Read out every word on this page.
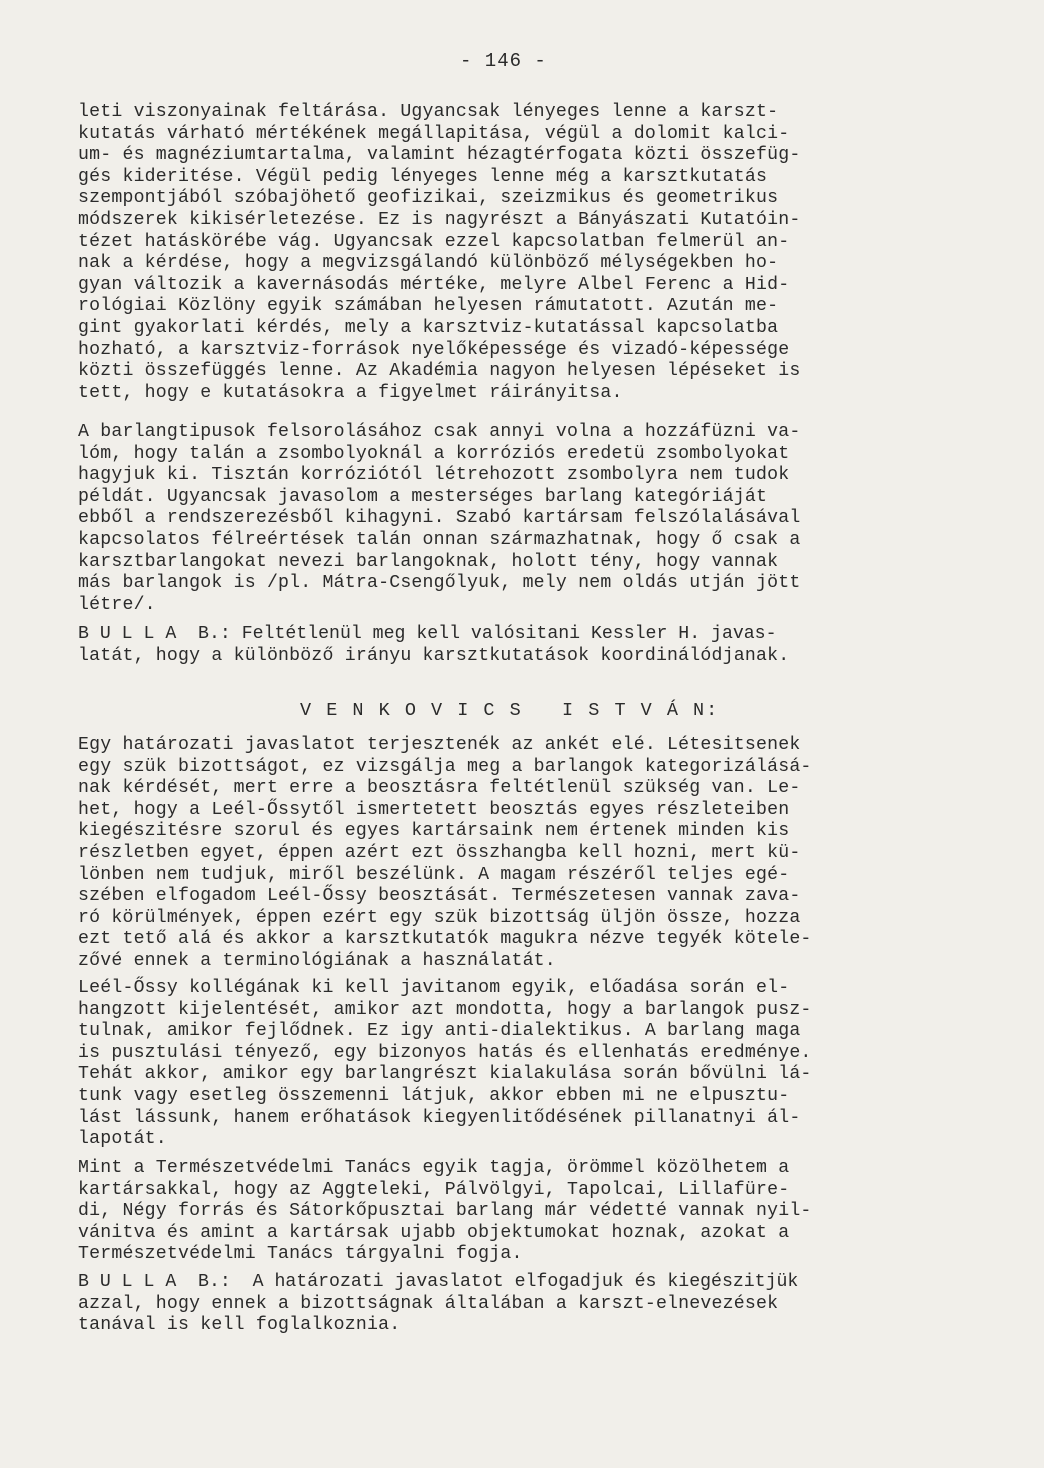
- 146 -
leti viszonyainak feltárása. Ugyancsak lényeges lenne a karszt-
kutatás várható mértékének megállapitása, végül a dolomit kalci-
um- és magnéziumtartalma, valamint hézagtérfogata közti összefüg-
gés kideritése. Végül pedig lényeges lenne még a karsztkutatás
szempontjából szóbajöhető geofizikai, szeizmikus és geometrikus
módszerek kikisérletezése. Ez is nagyrészt a Bányászati Kutatóin-
tézet hatáskörébe vág. Ugyancsak ezzel kapcsolatban felmerül an-
nak a kérdése, hogy a megvizsgálandó különböző mélységekben ho-
gyan változik a kavernásodás mértéke, melyre Albel Ferenc a Hid-
rológiai Közlöny egyik számában helyesen rámutatott. Azután me-
gint gyakorlati kérdés, mely a karsztviz-kutatással kapcsolatba
hozható, a karsztviz-források nyelőképessége és vizadó-képessége
közti összefüggés lenne. Az Akadémia nagyon helyesen lépéseket is
tett, hogy e kutatásokra a figyelmet ráirányitsa.
A barlangtipusok felsorolásához csak annyi volna a hozzáfüzni va-
lóm, hogy talán a zsombolyoknál a korróziós eredetü zsombolyokat
hagyjuk ki. Tisztán korróziótól létrehozott zsombolyra nem tudok
példát. Ugyancsak javasolom a mesterséges barlang kategóriáját
ebből a rendszerezésből kihagyni. Szabó kartársam felszólalásával
kapcsolatos félreértések talán onnan származhatnak, hogy ő csak a
karsztbarlangokat nevezi barlangoknak, holott tény, hogy vannak
más barlangok is /pl. Mátra-Csengőlyuk, mely nem oldás utján jött
létre/.
B U L L A  B.: Feltétlenül meg kell valósitani Kessler H. javas-
latát, hogy a különböző irányu karsztkutatások koordinálódjanak.
V E N K O V I C S   I S T V Á N:
Egy határozati javaslatot terjesztenék az ankét elé. Létesitsenek
egy szük bizottságot, ez vizsgálja meg a barlangok kategorizálásá-
nak kérdését, mert erre a beosztásra feltétlenül szükség van. Le-
het, hogy a Leél-Őssytől ismertetett beosztás egyes részleteiben
kiegészitésre szorul és egyes kartársaink nem értenek minden kis
részletben egyet, éppen azért ezt összhangba kell hozni, mert kü-
lönben nem tudjuk, miről beszélünk. A magam részéről teljes egé-
szében elfogadom Leél-Őssy beosztását. Természetesen vannak zava-
ró körülmények, éppen ezért egy szük bizottság üljön össze, hozza
ezt tető alá és akkor a karsztkutatók magukra nézve tegyék kötele-
zővé ennek a terminológiának a használatát.
Leél-Őssy kollégának ki kell javitanom egyik, előadása során el-
hangzott kijelentését, amikor azt mondotta, hogy a barlangok pusz-
tulnak, amikor fejlődnek. Ez igy anti-dialektikus. A barlang maga
is pusztulási tényező, egy bizonyos hatás és ellenhatás eredménye.
Tehát akkor, amikor egy barlangrészt kialakulása során bővülni lá-
tunk vagy esetleg összemenni látjuk, akkor ebben mi ne elpusztu-
lást lássunk, hanem erőhatások kiegyenlitődésének pillanatnyi ál-
lapotát.
Mint a Természetvédelmi Tanács egyik tagja, örömmel közölhetem a
kartársakkal, hogy az Aggteleki, Pálvölgyi, Tapolcai, Lillafüre-
di, Négy forrás és Sátorkőpusztai barlang már védetté vannak nyil-
vánitva és amint a kartársak ujabb objektumokat hoznak, azokat a
Természetvédelmi Tanács tárgyalni fogja.
B U L L A  B.:  A határozati javaslatot elfogadjuk és kiegészitjük
azzal, hogy ennek a bizottságnak általában a karszt-elnevezések
tanával is kell foglalkoznia.
